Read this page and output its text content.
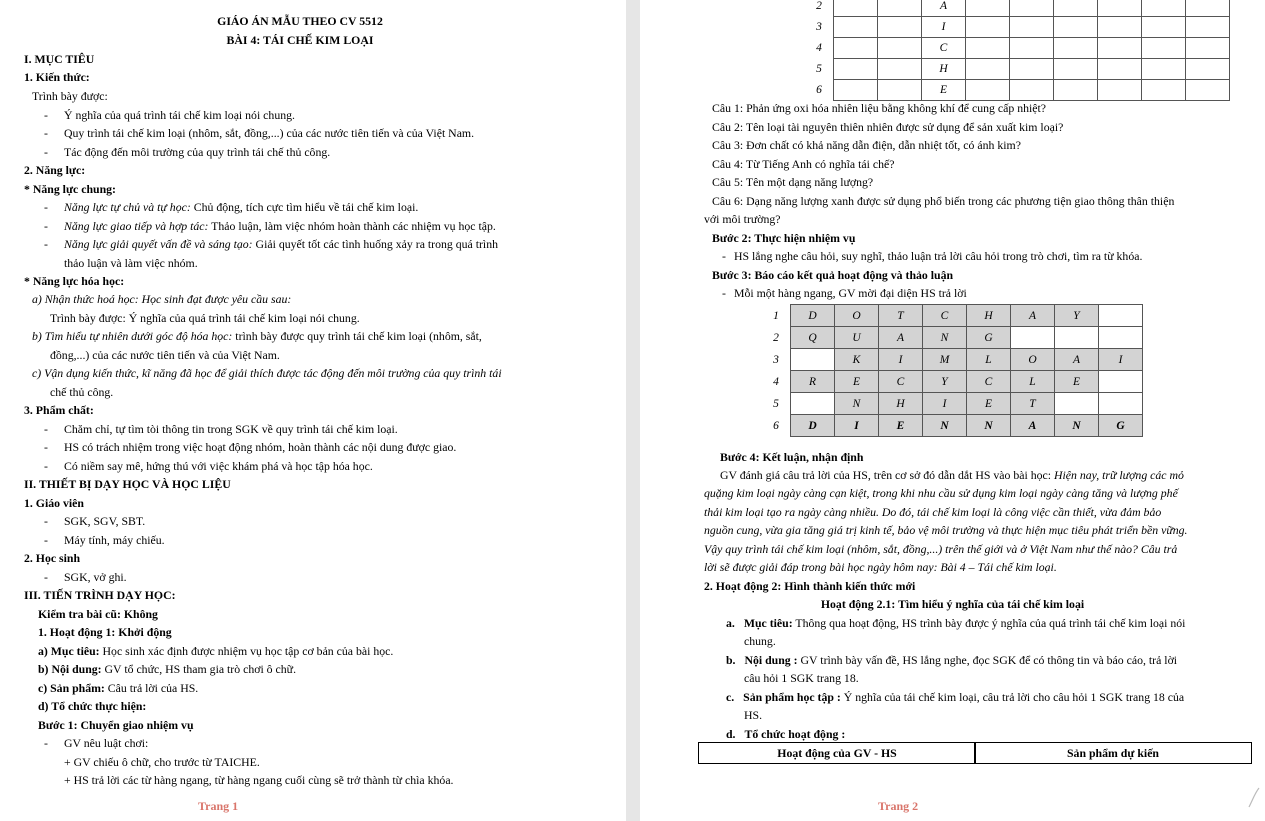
GIÁO ÁN MẪU THEO CV 5512
BÀI 4: TÁI CHẾ KIM LOẠI
I. MỤC TIÊU
1. Kiến thức:
Trình bày được:
- Ý nghĩa của quá trình tái chế kim loại nói chung.
- Quy trình tái chế kim loại (nhôm, sắt, đồng,...) của các nước tiên tiến và của Việt Nam.
- Tác động đến môi trường của quy trình tái chế thủ công.
2. Năng lực:
* Năng lực chung:
- Năng lực tự chủ và tự học: Chủ động, tích cực tìm hiểu về tái chế kim loại.
- Năng lực giao tiếp và hợp tác: Thảo luận, làm việc nhóm hoàn thành các nhiệm vụ học tập.
- Năng lực giải quyết vấn đề và sáng tạo: Giải quyết tốt các tình huống xảy ra trong quá trình
thảo luận và làm việc nhóm.
* Năng lực hóa học:
a) Nhận thức hoá học: Học sinh đạt được yêu cầu sau:
Trình bày được: Ý nghĩa của quá trình tái chế kim loại nói chung.
b) Tìm hiểu tự nhiên dưới góc độ hóa học: trình bày được quy trình tái chế kim loại (nhôm, sắt,
đồng,...) của các nước tiên tiến và của Việt Nam.
c) Vận dụng kiến thức, kĩ năng đã học để giải thích được tác động đến môi trường của quy trình tái
chế thủ công.
3. Phẩm chất:
- Chăm chỉ, tự tìm tòi thông tin trong SGK về quy trình tái chế kim loại.
- HS có trách nhiệm trong việc hoạt động nhóm, hoàn thành các nội dung được giao.
- Có niềm say mê, hứng thú với việc khám phá và học tập hóa học.
II. THIẾT BỊ DẠY HỌC VÀ HỌC LIỆU
1. Giáo viên
- SGK, SGV, SBT.
- Máy tính, máy chiếu.
2. Học sinh
- SGK, vở ghi.
III. TIẾN TRÌNH DẠY HỌC:
Kiểm tra bài cũ: Không
1. Hoạt động 1: Khởi động
a) Mục tiêu: Học sinh xác định được nhiệm vụ học tập cơ bản của bài học.
b) Nội dung: GV tổ chức, HS tham gia trò chơi ô chữ.
c) Sản phẩm: Câu trả lời của HS.
d) Tổ chức thực hiện:
Bước 1: Chuyển giao nhiệm vụ
- GV nêu luật chơi:
+ GV chiếu ô chữ, cho trước từ TAICHE.
+ HS trả lời các từ hàng ngang, từ hàng ngang cuối cùng sẽ trở thành từ chìa khóa.
Trang 1
2			A						
3			I						
4			C						
5			H						
6			E						
Câu 1: Phản ứng oxi hóa nhiên liệu bằng không khí để cung cấp nhiệt?
Câu 2: Tên loại tài nguyên thiên nhiên được sử dụng để sản xuất kim loại?
Câu 3: Đơn chất có khả năng dẫn điện, dẫn nhiệt tốt, có ánh kim?
Câu 4: Từ Tiếng Anh có nghĩa tái chế?
Câu 5: Tên một dạng năng lượng?
Câu 6: Dạng năng lượng xanh được sử dụng phổ biến trong các phương tiện giao thông thân thiện
với môi trường?
Bước 2: Thực hiện nhiệm vụ
- HS lắng nghe câu hỏi, suy nghĩ, thảo luận trả lời câu hỏi trong trò chơi, tìm ra từ khóa.
Bước 3: Báo cáo kết quả hoạt động và thảo luận
- Mỗi một hàng ngang, GV mời đại diện HS trả lời
1	D	O	T	C	H	A	Y	
2	Q	U	A	N	G			
3		K	I	M	L	O	A	I
4	R	E	C	Y	C	L	E	
5		N	H	I	E	T		
6	D	I	E	N	N	A	N	G
Bước 4: Kết luận, nhận định
GV đánh giá câu trả lời của HS, trên cơ sở đó dẫn dắt HS vào bài học: Hiện nay, trữ lượng các mỏ
quặng kim loại ngày càng cạn kiệt, trong khi nhu cầu sử dụng kim loại ngày càng tăng và lượng phế
thải kim loại tạo ra ngày càng nhiều. Do đó, tái chế kim loại là công việc cần thiết, vừa đảm bảo
nguồn cung, vừa gia tăng giá trị kinh tế, bảo vệ môi trường và thực hiện mục tiêu phát triển bền vững.
Vậy quy trình tái chế kim loại (nhôm, sắt, đồng,...) trên thế giới và ở Việt Nam như thế nào? Câu trả
lời sẽ được giải đáp trong bài học ngày hôm nay: Bài 4 – Tái chế kim loại.
2. Hoạt động 2: Hình thành kiến thức mới
Hoạt động 2.1: Tìm hiểu ý nghĩa của tái chế kim loại
a. Mục tiêu: Thông qua hoạt động, HS trình bày được ý nghĩa của quá trình tái chế kim loại nói
chung.
b. Nội dung : GV trình bày vấn đề, HS lắng nghe, đọc SGK để có thông tin và báo cáo, trả lời
câu hỏi 1 SGK trang 18.
c. Sản phẩm học tập : Ý nghĩa của tái chế kim loại, câu trả lời cho câu hỏi 1 SGK trang 18 của
HS.
d. Tổ chức hoạt động :
Hoạt động của GV - HS	Sản phẩm dự kiến
Trang 2
